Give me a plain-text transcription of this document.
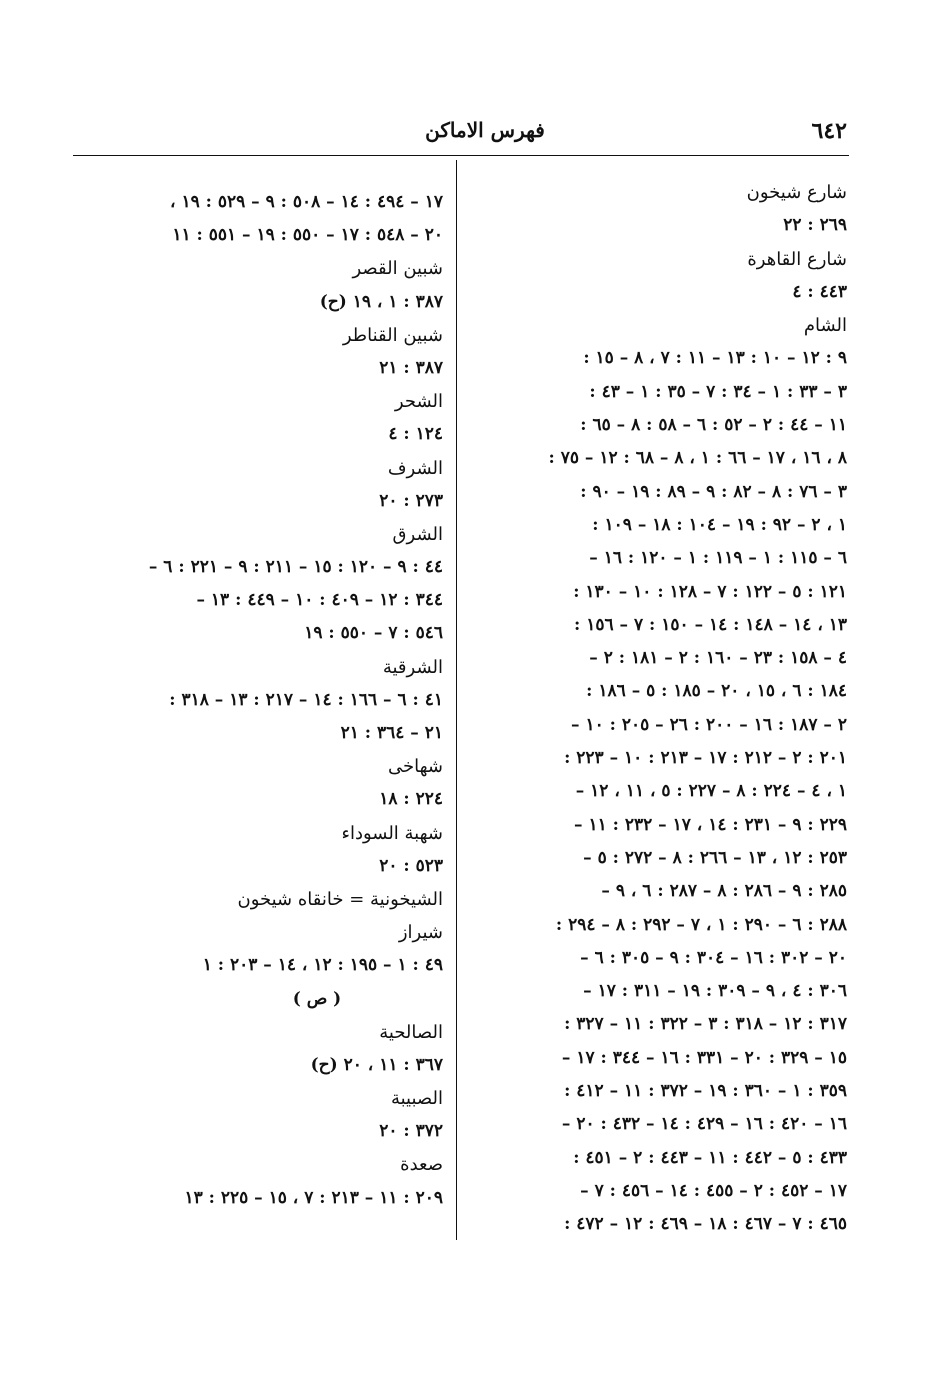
٦٤٢
فهرس الاماكن
شارع شيخون
٢٦٩ : ٢٢
شارع القاهرة
٤٤٣ : ٤
الشام
٩ : ١٢ – ١٠ : ١٣ – ١١ : ٧ ، ٨ – ١٥ :
٣ – ٣٣ : ١ – ٣٤ : ٧ – ٣٥ : ١ – ٤٣ :
١١ – ٤٤ : ٢ – ٥٢ : ٦ – ٥٨ : ٨ – ٦٥ :
٨ ، ١٦ ، ١٧ – ٦٦ : ١ ، ٨ – ٦٨ : ١٢ – ٧٥ :
٣ – ٧٦ : ٨ – ٨٢ : ٩ – ٨٩ : ١٩ – ٩٠ :
١ ، ٢ – ٩٢ : ١٩ – ١٠٤ : ١٨ – ١٠٩ :
٦ – ١١٥ : ١ – ١١٩ : ١ – ١٢٠ : ١٦ –
١٢١ : ٥ – ١٢٢ : ٧ – ١٢٨ : ١٠ – ١٣٠ :
١٣ ، ١٤ – ١٤٨ : ١٤ – ١٥٠ : ٧ – ١٥٦ :
٤ – ١٥٨ : ٢٣ – ١٦٠ : ٢ – ١٨١ : ٢ –
١٨٤ : ٦ ، ١٥ ، ٢٠ – ١٨٥ : ٥ – ١٨٦ :
٢ – ١٨٧ : ١٦ – ٢٠٠ : ٢٦ – ٢٠٥ : ١٠ –
٢٠١ : ٢ – ٢١٢ : ١٧ – ٢١٣ : ١٠ – ٢٢٣ :
١ ، ٤ – ٢٢٤ : ٨ – ٢٢٧ : ٥ ، ١١ ، ١٢ –
٢٢٩ : ٩ – ٢٣١ : ١٤ ، ١٧ – ٢٣٢ : ١١ –
٢٥٣ : ١٢ ، ١٣ – ٢٦٦ : ٨ – ٢٧٢ : ٥ –
٢٨٥ : ٩ – ٢٨٦ : ٨ – ٢٨٧ : ٦ ، ٩ –
٢٨٨ : ٦ – ٢٩٠ : ١ ، ٧ – ٢٩٢ : ٨ – ٢٩٤ :
٢٠ – ٣٠٢ : ١٦ – ٣٠٤ : ٩ – ٣٠٥ : ٦ –
٣٠٦ : ٤ ، ٩ – ٣٠٩ : ١٩ – ٣١١ : ١٧ –
٣١٧ : ١٢ – ٣١٨ : ٣ – ٣٢٢ : ١١ – ٣٢٧ :
١٥ – ٣٢٩ : ٢٠ – ٣٣١ : ١٦ – ٣٤٤ : ١٧ –
٣٥٩ : ١ – ٣٦٠ : ١٩ – ٣٧٢ : ١١ – ٤١٢ :
١٦ – ٤٢٠ : ١٦ – ٤٢٩ : ١٤ – ٤٣٢ : ٢٠ –
٤٣٣ : ٥ – ٤٤٢ : ١١ – ٤٤٣ : ٢ – ٤٥١ :
١٧ – ٤٥٢ : ٢ – ٤٥٥ : ١٤ – ٤٥٦ : ٧ –
٤٦٥ : ٧ – ٤٦٧ : ١٨ – ٤٦٩ : ١٢ – ٤٧٢ :
١٧ – ٤٩٤ : ١٤ – ٥٠٨ : ٩ – ٥٢٩ : ١٩ ،
٢٠ – ٥٤٨ : ١٧ – ٥٥٠ : ١٩ – ٥٥١ : ١١
شبين القصر
٣٨٧ : ١ ، ١٩ (ح)
شبين القناطر
٣٨٧ : ٢١
الشحر
١٢٤ : ٤
الشرف
٢٧٣ : ٢٠
الشرق
٤٤ : ٩ – ١٢٠ : ١٥ – ٢١١ : ٩ – ٢٢١ : ٦ –
٣٤٤ : ١٢ – ٤٠٩ : ١٠ – ٤٤٩ : ١٣ –
٥٤٦ : ٧ – ٥٥٠ : ١٩
الشرقية
٤١ : ٦ – ١٦٦ : ١٤ – ٢١٧ : ١٣ – ٣١٨ :
٢١ – ٣٦٤ : ٢١
شهاخى
٢٢٤ : ١٨
شهبة السوداء
٥٢٣ : ٢٠
الشيخونية = خانقاه شيخون
شيراز
٤٩ : ١ – ١٩٥ : ١٢ ، ١٤ – ٢٠٣ : ١
( ص )
الصالحية
٣٦٧ : ١١ ، ٢٠ (ح)
الصبيبة
٣٧٢ : ٢٠
صعدة
٢٠٩ : ١١ – ٢١٣ : ٧ ، ١٥ – ٢٢٥ : ١٣
